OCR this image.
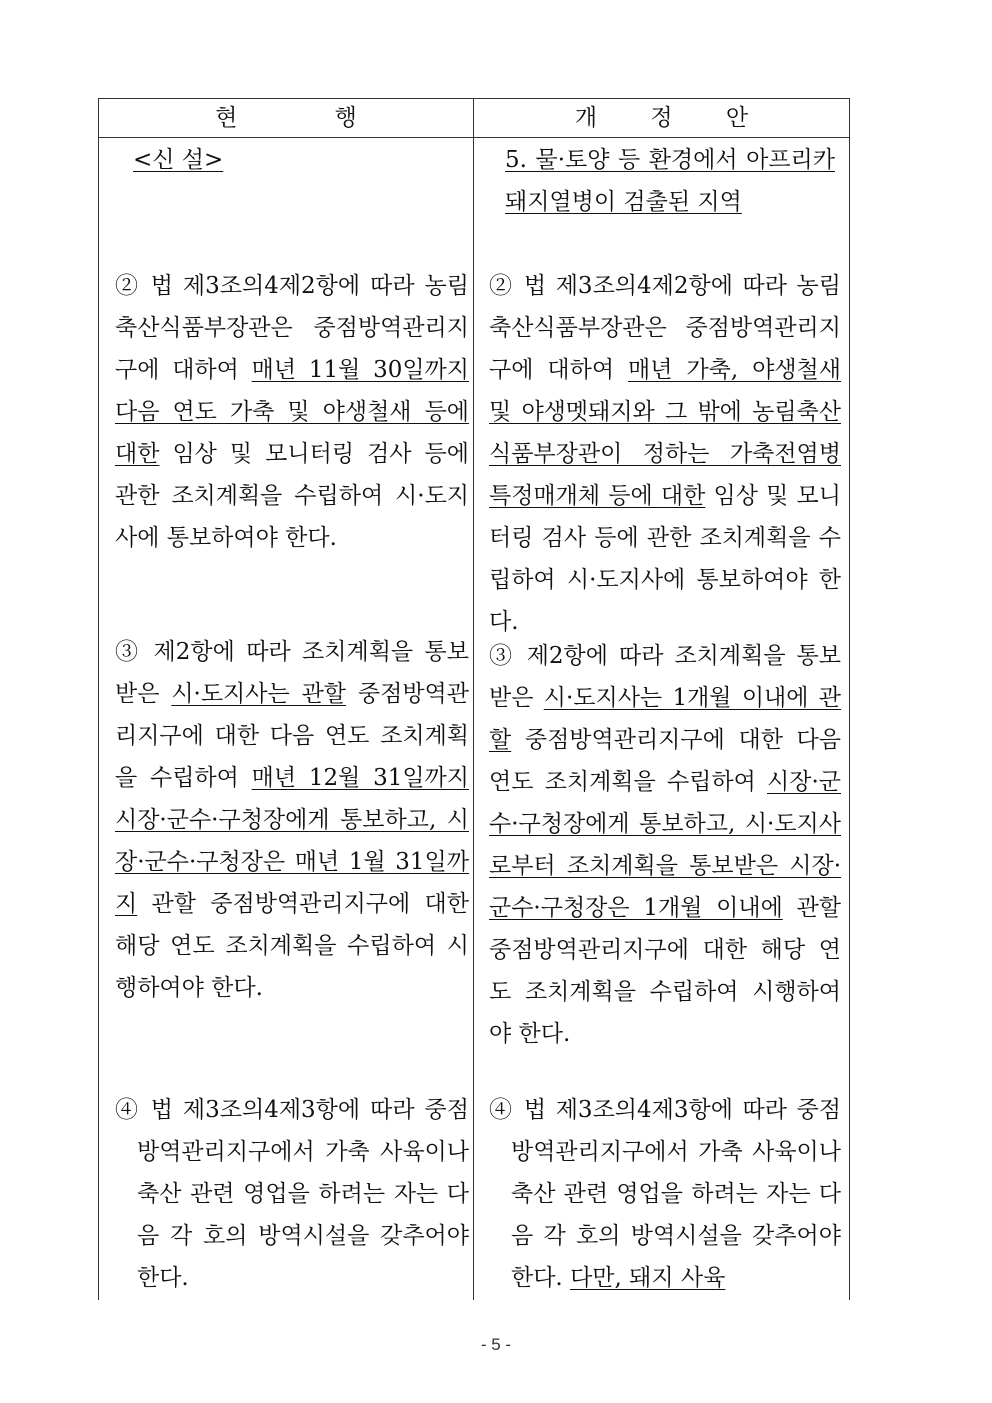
현 행	개 정 안

<신 설>

② 법 제3조의4제2항에 따라 농림축산식품부장관은 중점방역관리지구에 대하여 매년 11월 30일까지 다음 연도 가축 및 야생철새 등에 대한 임상 및 모니터링 검사 등에 관한 조치계획을 수립하여 시·도지사에 통보하여야 한다.

③ 제2항에 따라 조치계획을 통보받은 시·도지사는 관할 중점방역관리지구에 대한 다음 연도 조치계획을 수립하여 매년 12월 31일까지 시장·군수·구청장에게 통보하고, 시장·군수·구청장은 매년 1월 31일까지 관할 중점방역관리지구에 대한 해당 연도 조치계획을 수립하여 시행하여야 한다.

④ 법 제3조의4제3항에 따라 중점방역관리지구에서 가축 사육이나 축산 관련 영업을 하려는 자는 다음 각 호의 방역시설을 갖추어야 한다.

5. 물·토양 등 환경에서 아프리카돼지열병이 검출된 지역

② 법 제3조의4제2항에 따라 농림축산식품부장관은 중점방역관리지구에 대하여 매년 가축, 야생철새 및 야생멧돼지와 그 밖에 농림축산식품부장관이 정하는 가축전염병 특정매개체 등에 대한 임상 및 모니터링 검사 등에 관한 조치계획을 수립하여 시·도지사에 통보하여야 한다.

③ 제2항에 따라 조치계획을 통보받은 시·도지사는 1개월 이내에 관할 중점방역관리지구에 대한 다음 연도 조치계획을 수립하여 시장·군수·구청장에게 통보하고, 시·도지사로부터 조치계획을 통보받은 시장·군수·구청장은 1개월 이내에 관할 중점방역관리지구에 대한 해당 연도 조치계획을 수립하여 시행하여야 한다.

④ 법 제3조의4제3항에 따라 중점방역관리지구에서 가축 사육이나 축산 관련 영업을 하려는 자는 다음 각 호의 방역시설을 갖추어야 한다. 다만, 돼지 사육

- 5 -
